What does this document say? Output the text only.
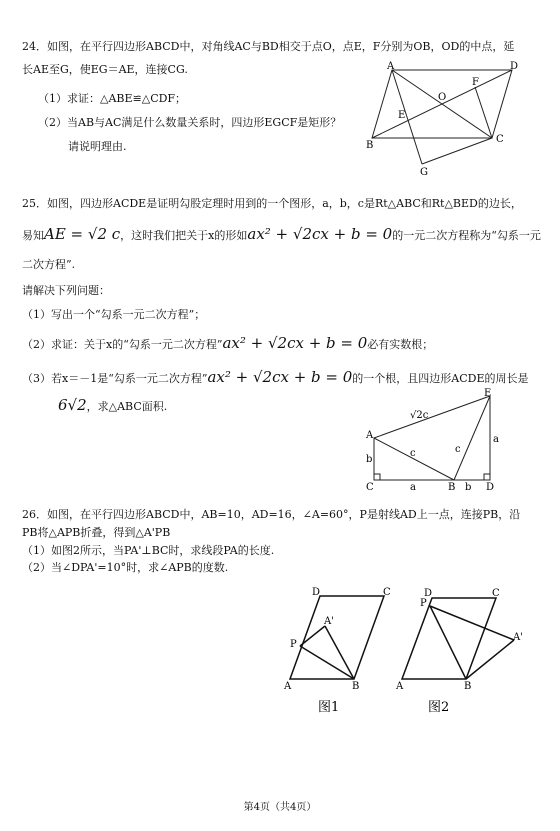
24．如图，在平行四边形ABCD中，对角线AC与BD相交于点O，点E，F分别为OB，OD的中点，延
长AE至G，使EG＝AE，连接CG.
（1）求证：△ABE≌△CDF；
（2）当AB与AC满足什么数量关系时，四边形EGCF是矩形？
请说明理由.
A	D
O
F
E
B
C
G
25．如图，四边形ACDE是证明勾股定理时用到的一个图形，a，b，c是Rt△ABC和Rt△BED的边长，
易知AE = √2 c，这时我们把关于x的形如ax² + √2cx + b = 0的一元二次方程称为“勾系一元
二次方程”.
请解决下列问题：
（1）写出一个“勾系一元二次方程”；
（2）求证：关于x的“勾系一元二次方程”ax² + √2cx + b = 0必有实数根；
（3）若x＝－1是“勾系一元二次方程”ax² + √2cx + b = 0的一个根，且四边形ACDE的周长是
6√2，求△ABC面积.
E
A
C	B	D
a
b
c	c
a
b
√2c
26．如图，在平行四边形ABCD中，AB=10，AD=16，∠A=60°，P是射线AD上一点，连接PB，沿
PB将△APB折叠，得到△A'PB
（1）如图2所示，当PA'⊥BC时，求线段PA的长度.
（2）当∠DPA'=10°时，求∠APB的度数.
D	C
A'
P
A	B
图1
D	C
P
A'
A	B
图2
第4页（共4页）
